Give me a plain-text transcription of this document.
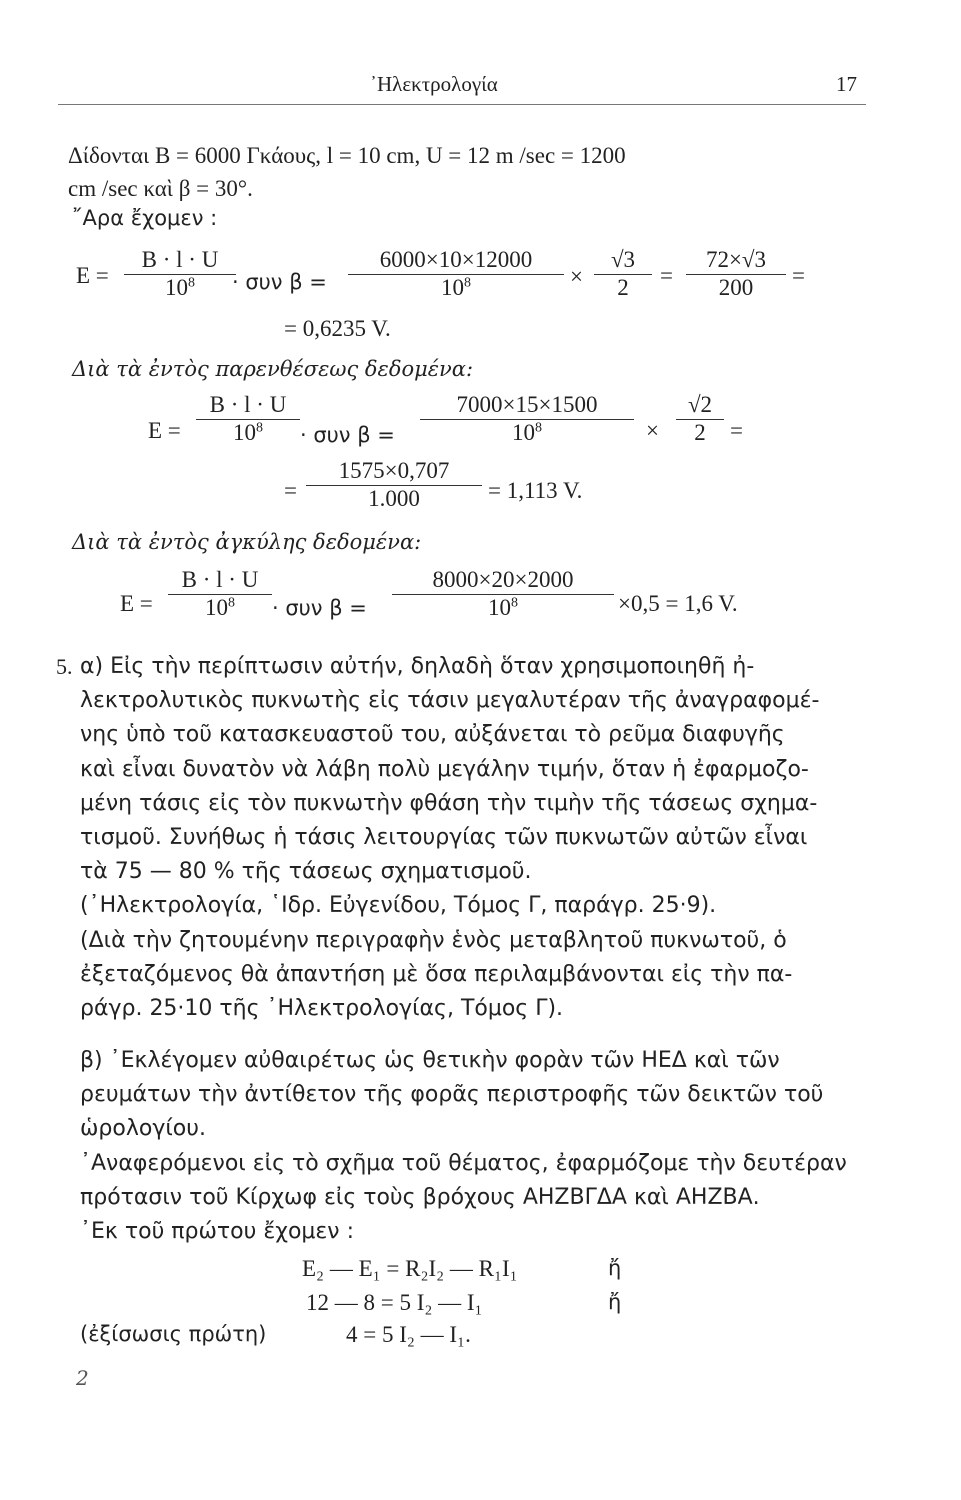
᾿Ηλεκτρολογία	17
Δίδονται B = 6000 Γκάους, l = 10 cm, U = 12 m /sec = 1200
cm /sec καὶ β = 30°.
῎Αρα ἔχομεν :
$E = \frac{B \cdot l \cdot U}{10^8}$
· συν $\beta = \frac{6000\times 10\times 12000}{10^8} \times \frac{√3}{2} = \frac{72\times√3}{200}$ =
= 0,6235 V.
Διὰ τὰ ἐντὸς παρενθέσεως δεδομένα:
$E = \frac{B \cdot l \cdot U}{10^8} \cdot \sigma\upsilon\nu$ $\beta = \frac{7000\times 15\times 1500}{10^8} \times \frac{√2}{2}$ =
= $\frac{1575\times 0,707}{1.000} = 1,113$ V.
Διὰ τὰ ἐντὸς ἀγκύλης δεδομένα:
$E = \frac{B \cdot l \cdot U}{10^8} \cdot \sigma\upsilon\nu$ $\beta = \frac{8000\times 20\times 2000}{10^8} \times 0,5 = 1,6$ V.
5. α) Εἰς τὴν περίπτωσιν αὐτήν, δηλαδὴ ὅταν χρησιμοποιηθῆ ἠ-
λεκτρολυτικὸς πυκνωτὴς εἰς τάσιν μεγαλυτέραν τῆς ἀναγραφομέ-
νης ὑπὸ τοῦ κατασκευαστοῦ του, αὐξάνεται τὸ ρεῦμα διαφυγῆς
καὶ εἶναι δυνατὸν νὰ λάβη πολὺ μεγάλην τιμήν, ὅταν ἡ ἐφαρμοζο-
μένη τάσις εἰς τὸν πυκνωτὴν φθάση τὴν τιμὴν τῆς τάσεως σχημα-
τισμοῦ. Συνήθως ἡ τάσις λειτουργίας τῶν πυκνωτῶν αὐτῶν εἶναι
τὰ 75 — 80 % τῆς τάσεως σχηματισμοῦ.
(᾿Ηλεκτρολογία, ῾Ιδρ. Εὐγενίδου, Τόμος Γ, παράγρ. 25·9).
(Διὰ τὴν ζητουμένην περιγραφὴν ἑνὸς μεταβλητοῦ πυκνωτοῦ, ὁ
ἐξεταζόμενος θὰ ἀπαντήση μὲ ὅσα περιλαμβάνονται εἰς τὴν πα-
ράγρ. 25·10 τῆς ᾿Ηλεκτρολογίας, Τόμος Γ).
β) ᾿Εκλέγομεν αὐθαιρέτως ὡς θετικὴν φορὰν τῶν ΗΕΔ καὶ τῶν
ρευμάτων τὴν ἀντίθετον τῆς φορᾶς περιστροφῆς τῶν δεικτῶν τοῦ
ὡρολογίου.
᾿Αναφερόμενοι εἰς τὸ σχῆμα τοῦ θέματος, ἐφαρμόζομε τὴν δευτέραν
πρότασιν τοῦ Κίρχωφ εἰς τοὺς βρόχους ΑΗΖΒΓΔΑ καὶ ΑΗΖΒΑ.
᾿Εκ τοῦ πρώτου ἔχομεν :
E₂ — E₁ = R₂I₂ — R₁I₁	ἤ
12 — 8 = 5 I₂ — I₁	ἤ
(ἐξίσωσις πρώτη)	4 = 5 I₂ — I₁.
2
